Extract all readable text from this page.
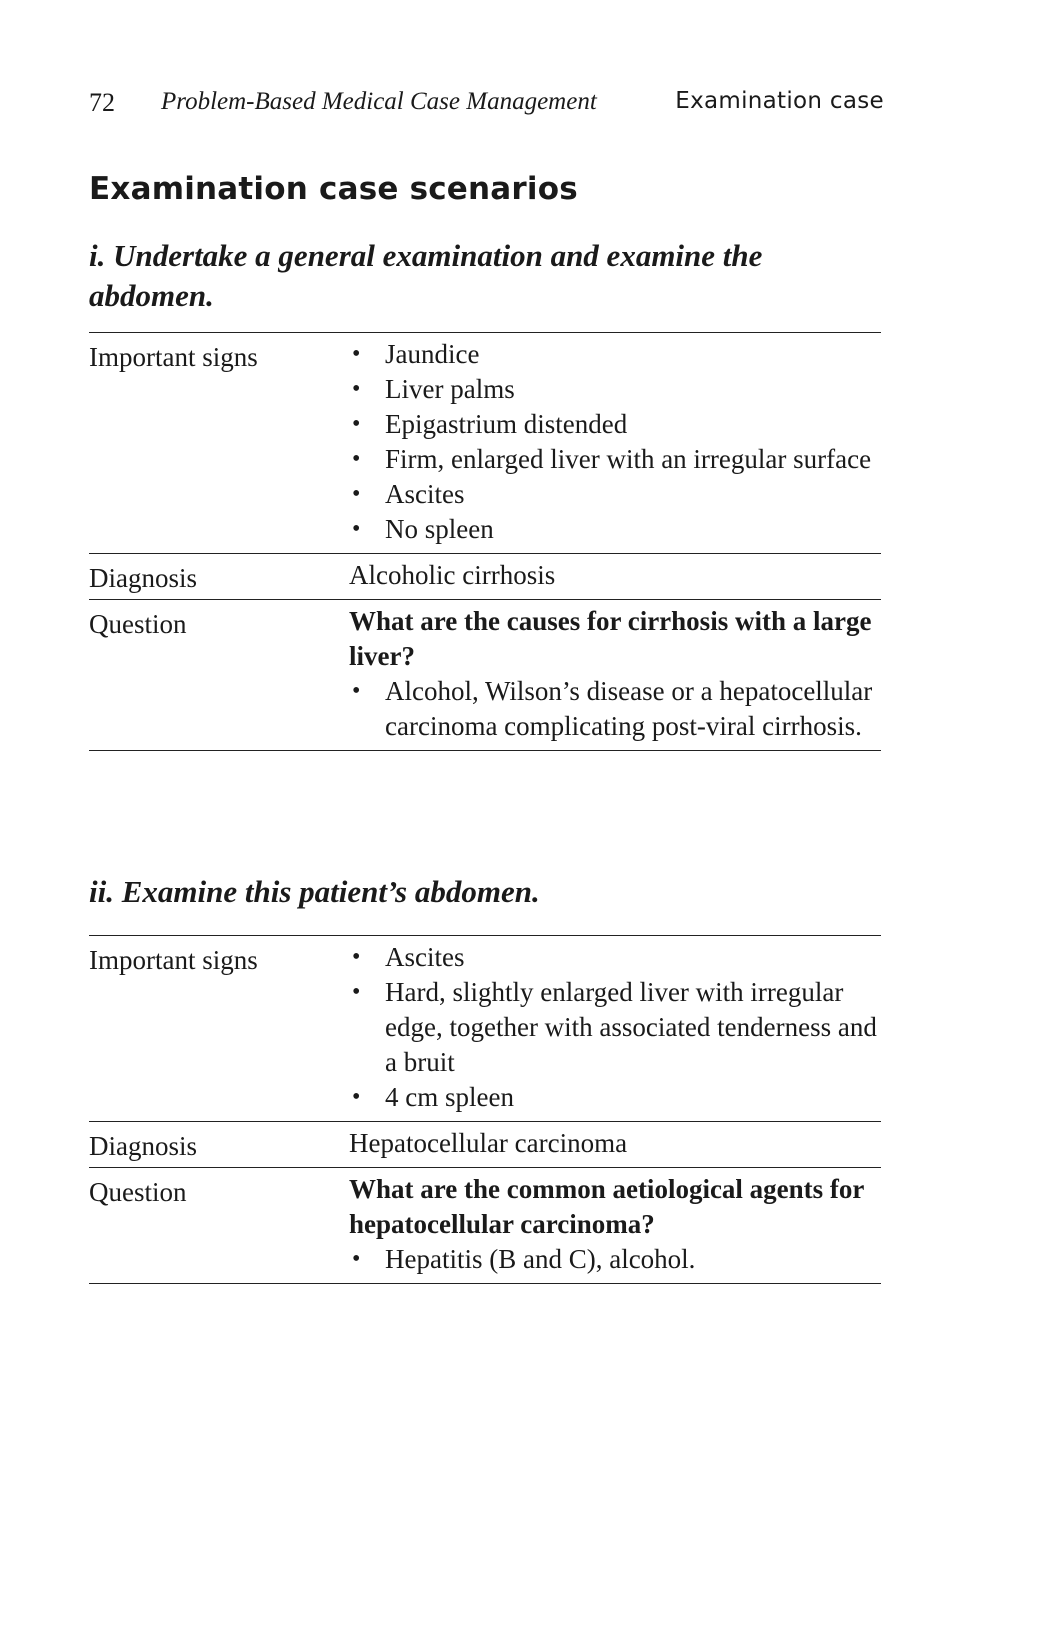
72 Problem-Based Medical Case Management	Examination case
Examination case scenarios
i. Undertake a general examination and examine the abdomen.
Important signs	• Jaundice
• Liver palms
• Epigastrium distended
• Firm, enlarged liver with an irregular surface
• Ascites
• No spleen
Diagnosis	Alcoholic cirrhosis
Question	What are the causes for cirrhosis with a large liver?
• Alcohol, Wilson’s disease or a hepatocellular carcinoma complicating post-viral cirrhosis.
ii. Examine this patient’s abdomen.
Important signs	• Ascites
• Hard, slightly enlarged liver with irregular edge, together with associated tenderness and a bruit
• 4 cm spleen
Diagnosis	Hepatocellular carcinoma
Question	What are the common aetiological agents for hepatocellular carcinoma?
• Hepatitis (B and C), alcohol.
